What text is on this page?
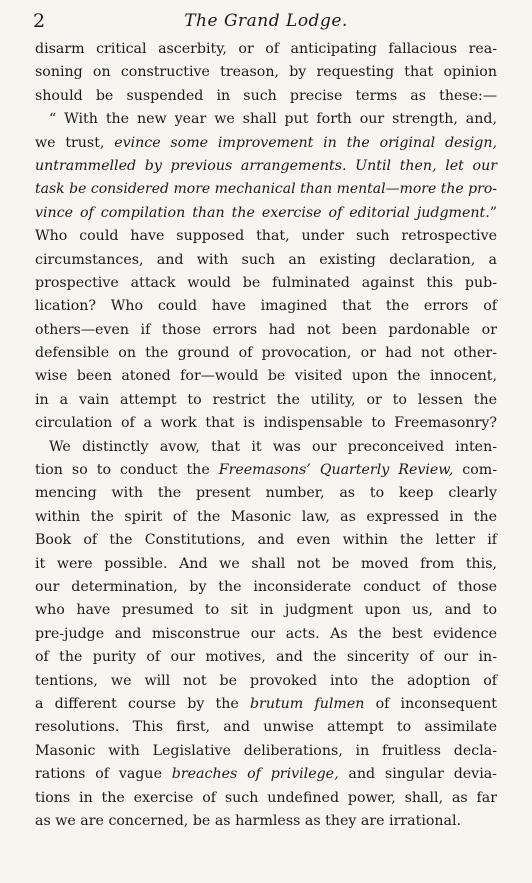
2	The Grand Lodge.
disarm critical ascerbity, or of anticipating fallacious rea-
soning on constructive treason, by requesting that opinion
should be suspended in such precise terms as these:—
“ With the new year we shall put forth our strength, and,
we trust, evince some improvement in the original design,
untrammelled by previous arrangements. Until then, let our
task be considered more mechanical than mental—more the pro-
vince of compilation than the exercise of editorial judgment.”
Who could have supposed that, under such retrospective
circumstances, and with such an existing declaration, a
prospective attack would be fulminated against this pub-
lication? Who could have imagined that the errors of
others—even if those errors had not been pardonable or
defensible on the ground of provocation, or had not other-
wise been atoned for—would be visited upon the innocent,
in a vain attempt to restrict the utility, or to lessen the
circulation of a work that is indispensable to Freemasonry?
We distinctly avow, that it was our preconceived inten-
tion so to conduct the Freemasons’ Quarterly Review, com-
mencing with the present number, as to keep clearly
within the spirit of the Masonic law, as expressed in the
Book of the Constitutions, and even within the letter if
it were possible. And we shall not be moved from this,
our determination, by the inconsiderate conduct of those
who have presumed to sit in judgment upon us, and to
pre-judge and misconstrue our acts. As the best evidence
of the purity of our motives, and the sincerity of our in-
tentions, we will not be provoked into the adoption of
a different course by the brutum fulmen of inconsequent
resolutions. This first, and unwise attempt to assimilate
Masonic with Legislative deliberations, in fruitless decla-
rations of vague breaches of privilege, and singular devia-
tions in the exercise of such undefined power, shall, as far
as we are concerned, be as harmless as they are irrational.
